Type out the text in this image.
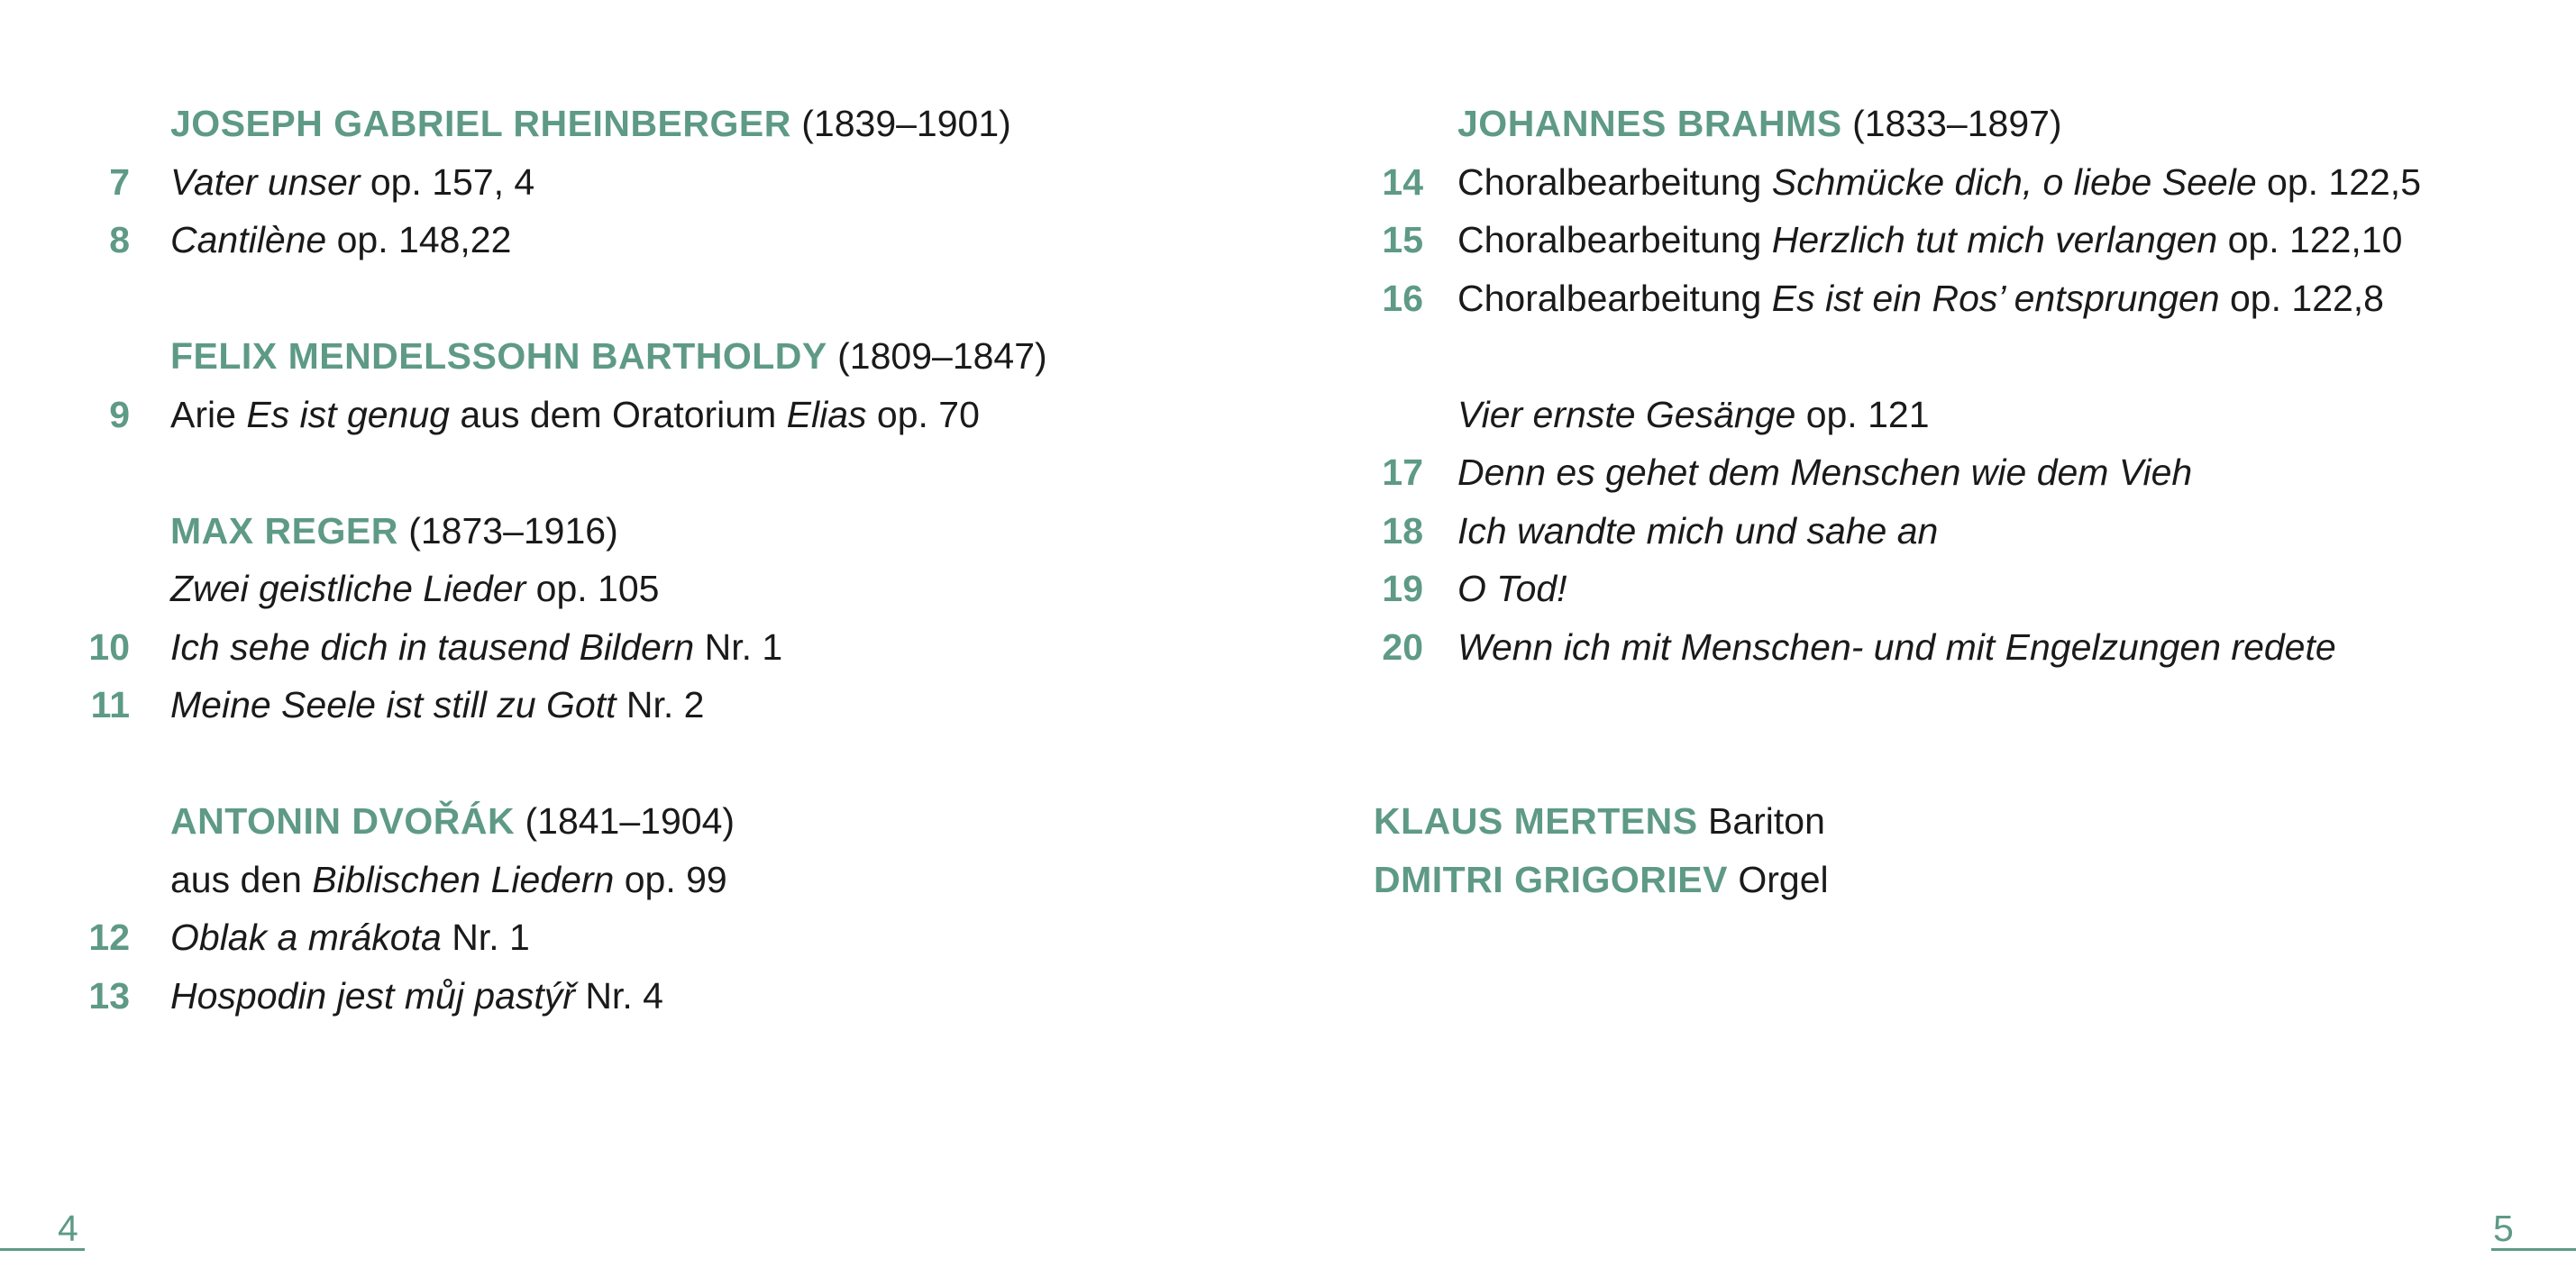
JOSEPH GABRIEL RHEINBERGER (1839–1901)
7 Vater unser op. 157, 4
8 Cantilène op. 148,22
FELIX MENDELSSOHN BARTHOLDY (1809–1847)
9 Arie Es ist genug aus dem Oratorium Elias op. 70
MAX REGER (1873–1916)
Zwei geistliche Lieder op. 105
10 Ich sehe dich in tausend Bildern Nr. 1
11 Meine Seele ist still zu Gott Nr. 2
ANTONIN DVOŘÁK (1841–1904)
aus den Biblischen Liedern op. 99
12 Oblak a mrákota Nr. 1
13 Hospodin jest můj pastýř Nr. 4
4
JOHANNES BRAHMS (1833–1897)
14 Choralbearbeitung Schmücke dich, o liebe Seele op. 122,5
15 Choralbearbeitung Herzlich tut mich verlangen op. 122,10
16 Choralbearbeitung Es ist ein Ros’ entsprungen op. 122,8
Vier ernste Gesänge op. 121
17 Denn es gehet dem Menschen wie dem Vieh
18 Ich wandte mich und sahe an
19 O Tod!
20 Wenn ich mit Menschen- und mit Engelzungen redete
KLAUS MERTENS Bariton
DMITRI GRIGORIEV Orgel
5
